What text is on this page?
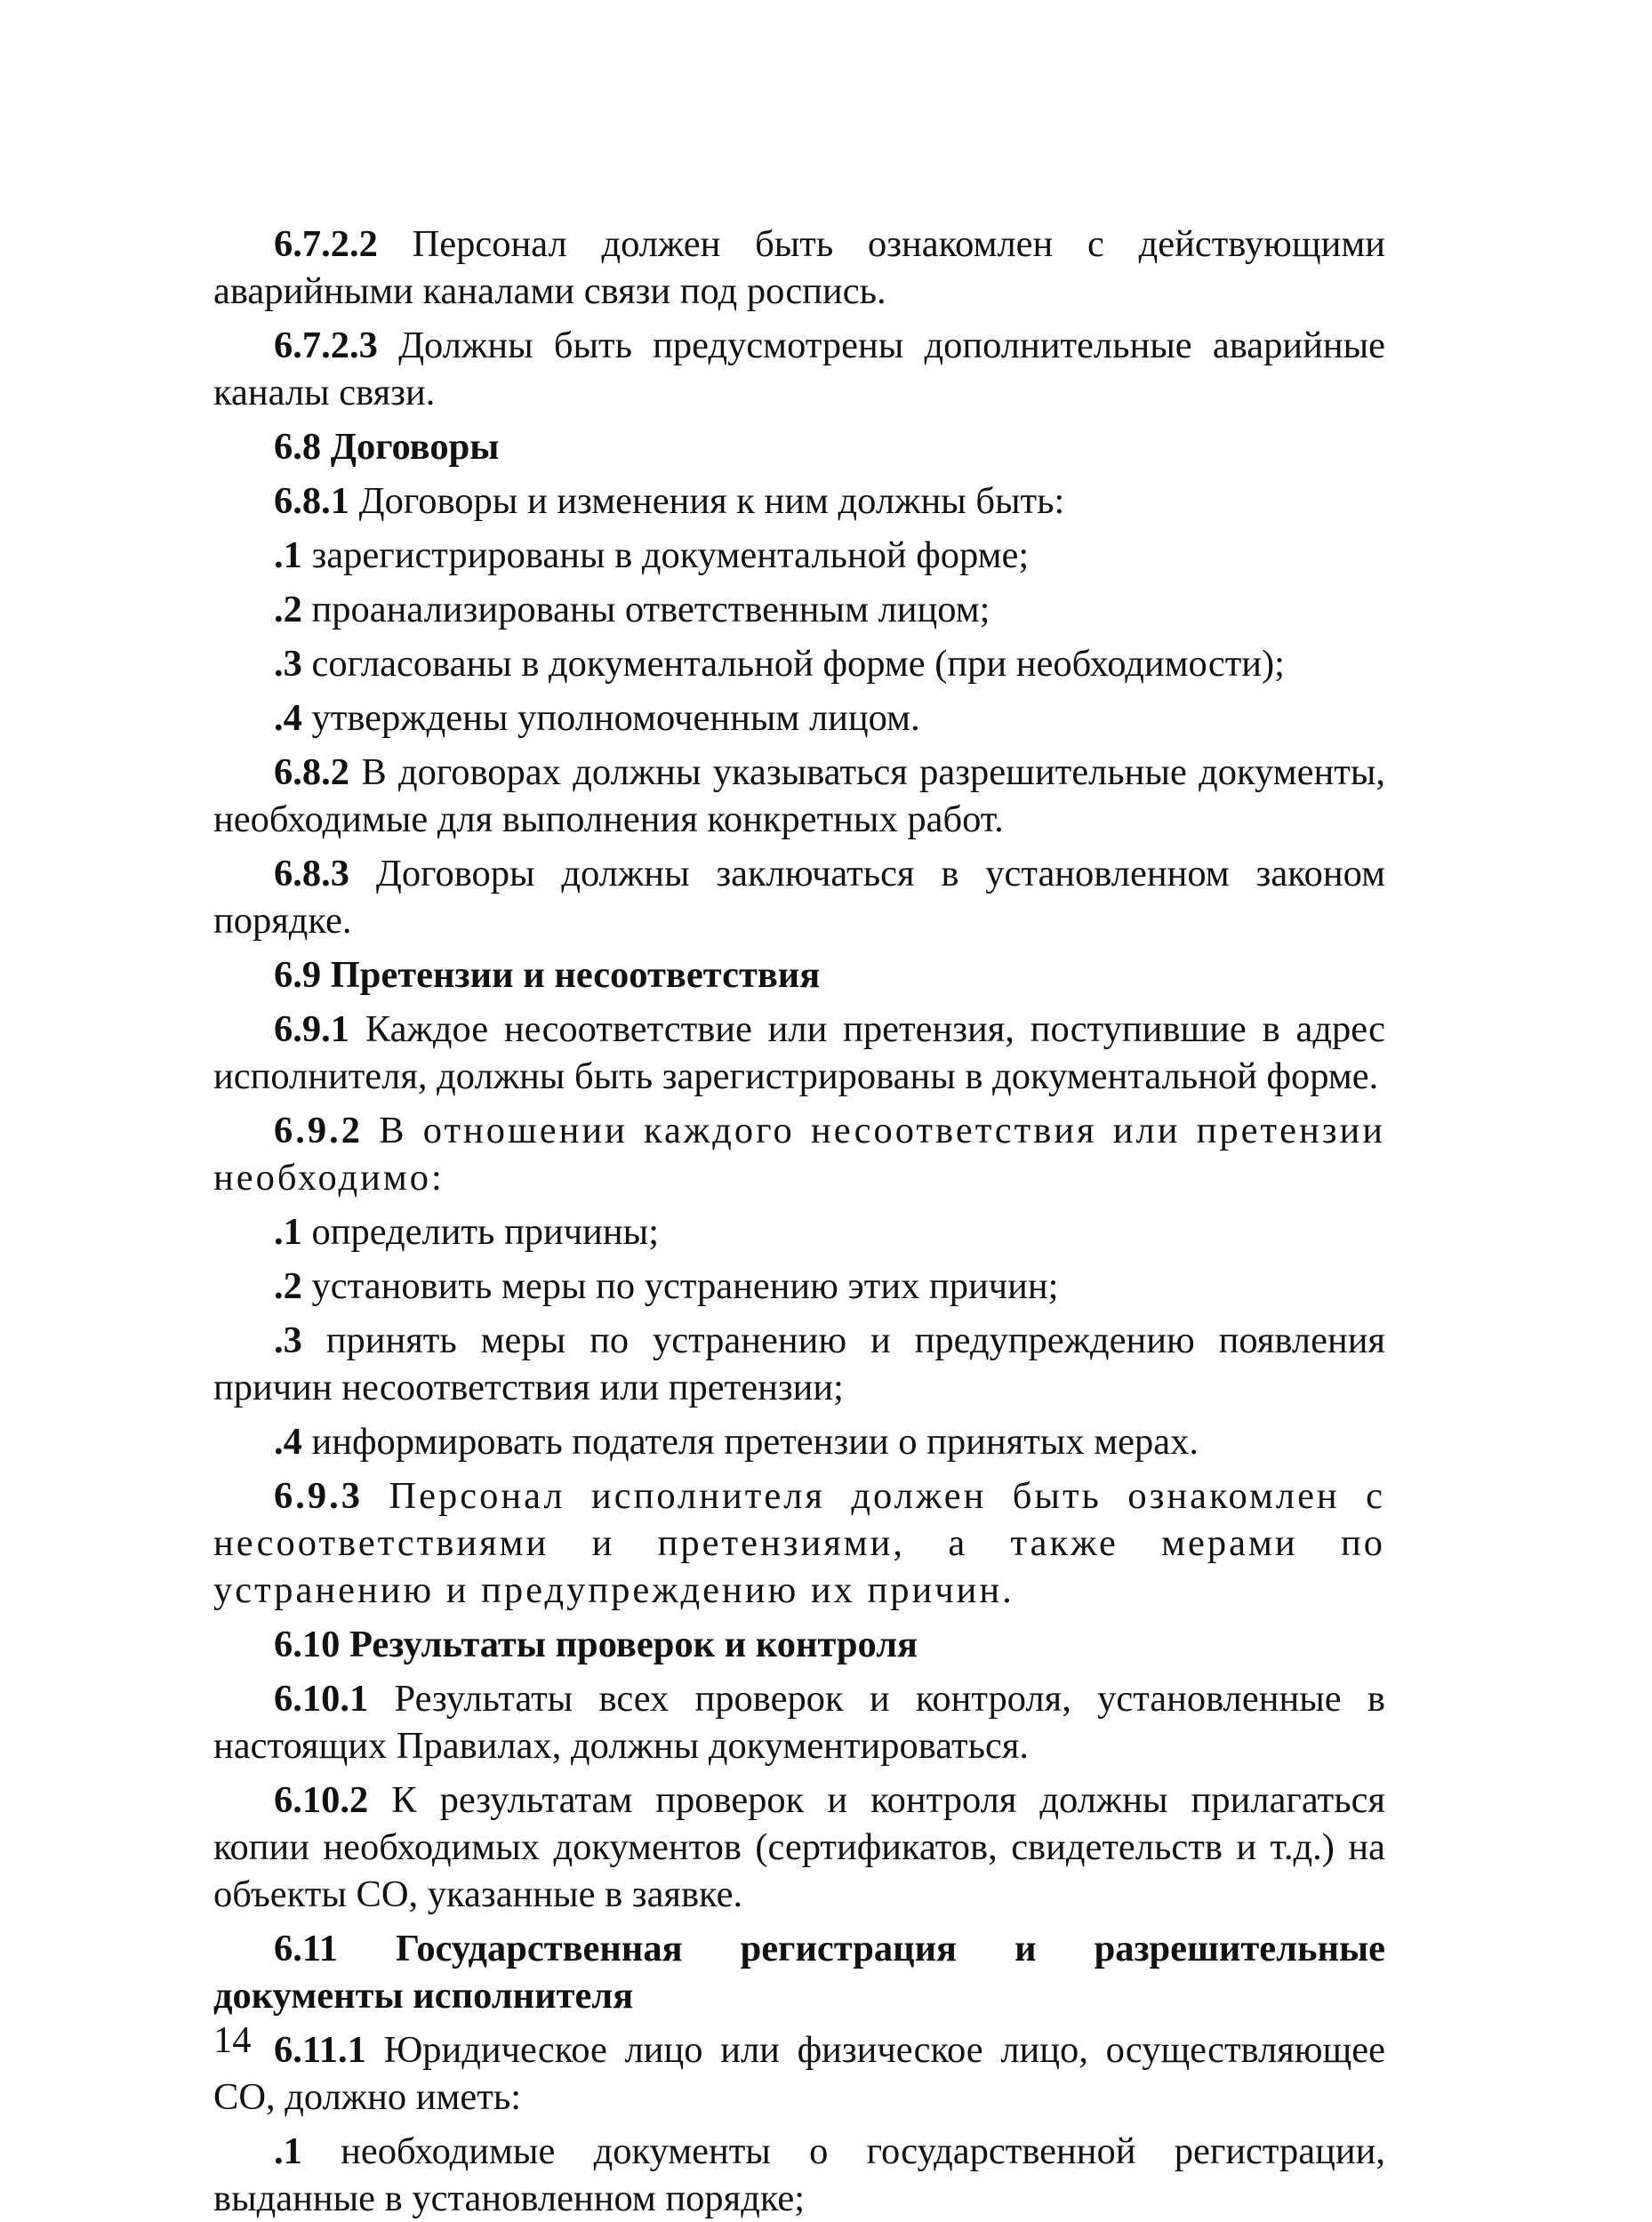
6.7.2.2 Персонал должен быть ознакомлен с действующими аварийными каналами связи под роспись.

6.7.2.3 Должны быть предусмотрены дополнительные аварийные каналы связи.

6.8 Договоры

6.8.1 Договоры и изменения к ним должны быть:

.1 зарегистрированы в документальной форме;

.2 проанализированы ответственным лицом;

.3 согласованы в документальной форме (при необходимости);

.4 утверждены уполномоченным лицом.

6.8.2 В договорах должны указываться разрешительные документы, необходимые для выполнения конкретных работ.

6.8.3 Договоры должны заключаться в установленном законом порядке.

6.9 Претензии и несоответствия

6.9.1 Каждое несоответствие или претензия, поступившие в адрес исполнителя, должны быть зарегистрированы в документальной форме.

6.9.2 В отношении каждого несоответствия или претензии необходимо:

.1 определить причины;

.2 установить меры по устранению этих причин;

.3 принять меры по устранению и предупреждению появления причин несоответствия или претензии;

.4 информировать подателя претензии о принятых мерах.

6.9.3 Персонал исполнителя должен быть ознакомлен с несоответствиями и претензиями, а также мерами по устранению и предупреждению их причин.

6.10 Результаты проверок и контроля

6.10.1 Результаты всех проверок и контроля, установленные в настоящих Правилах, должны документироваться.

6.10.2 К результатам проверок и контроля должны прилагаться копии необходимых документов (сертификатов, свидетельств и т.д.) на объекты СО, указанные в заявке.

6.11 Государственная регистрация и разрешительные документы исполнителя

6.11.1 Юридическое лицо или физическое лицо, осуществляющее СО, должно иметь:

.1 необходимые документы о государственной регистрации, выданные в установленном порядке;

14
